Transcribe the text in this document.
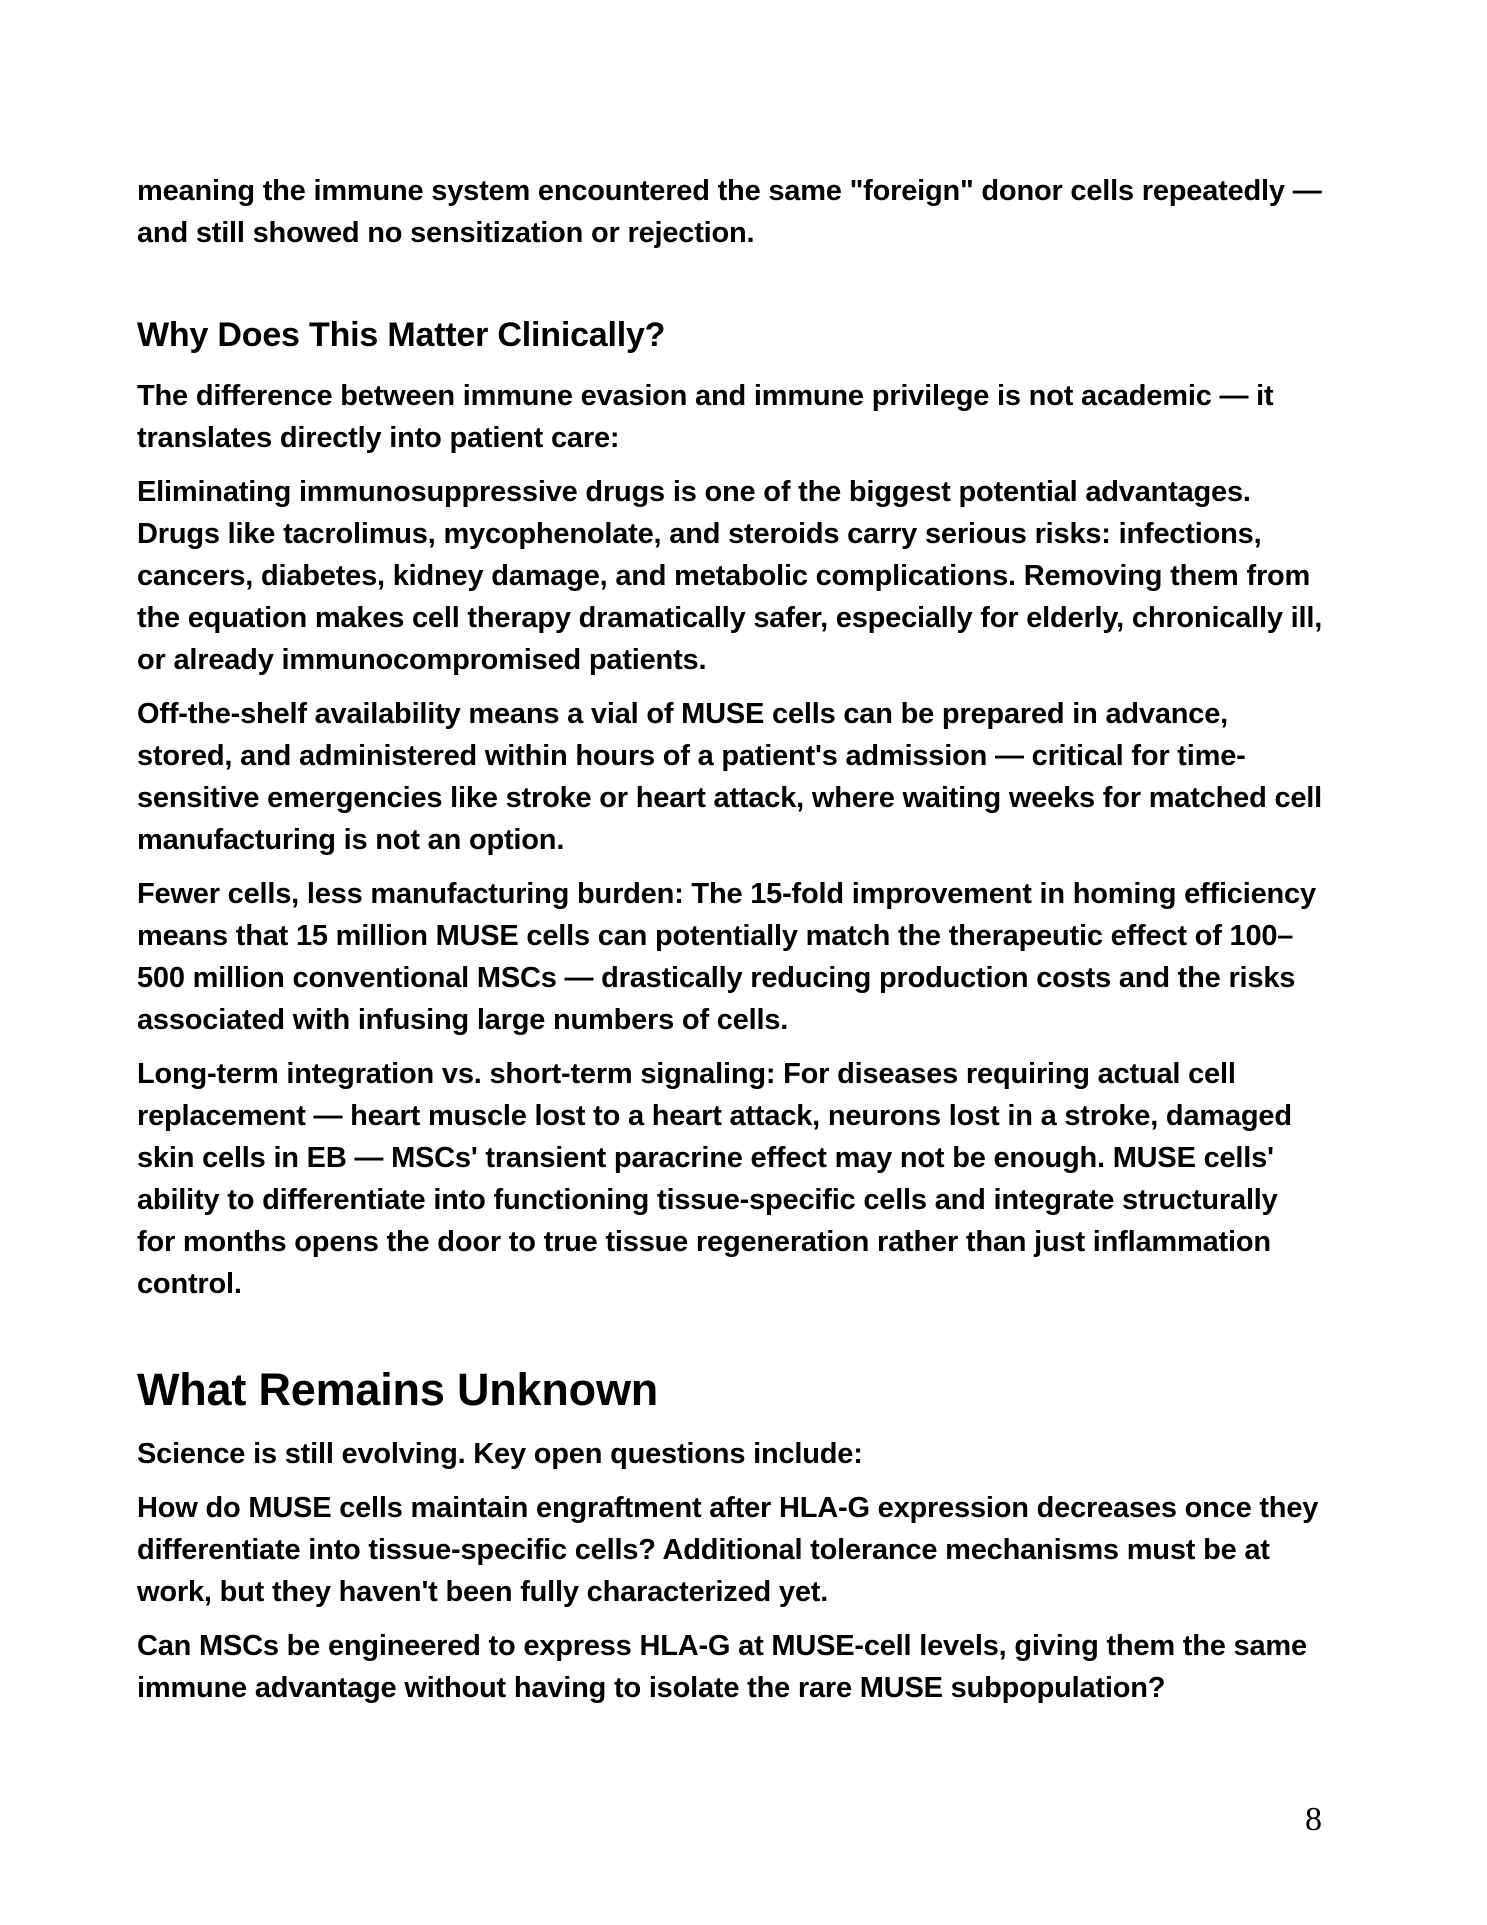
meaning the immune system encountered the same "foreign" donor cells repeatedly — and still showed no sensitization or rejection.

Why Does This Matter Clinically?

The difference between immune evasion and immune privilege is not academic — it translates directly into patient care:

Eliminating immunosuppressive drugs is one of the biggest potential advantages. Drugs like tacrolimus, mycophenolate, and steroids carry serious risks: infections, cancers, diabetes, kidney damage, and metabolic complications. Removing them from the equation makes cell therapy dramatically safer, especially for elderly, chronically ill, or already immunocompromised patients.

Off-the-shelf availability means a vial of MUSE cells can be prepared in advance, stored, and administered within hours of a patient's admission — critical for time-sensitive emergencies like stroke or heart attack, where waiting weeks for matched cell manufacturing is not an option.

Fewer cells, less manufacturing burden: The 15-fold improvement in homing efficiency means that 15 million MUSE cells can potentially match the therapeutic effect of 100–500 million conventional MSCs — drastically reducing production costs and the risks associated with infusing large numbers of cells.

Long-term integration vs. short-term signaling: For diseases requiring actual cell replacement — heart muscle lost to a heart attack, neurons lost in a stroke, damaged skin cells in EB — MSCs' transient paracrine effect may not be enough. MUSE cells' ability to differentiate into functioning tissue-specific cells and integrate structurally for months opens the door to true tissue regeneration rather than just inflammation control.

What Remains Unknown

Science is still evolving. Key open questions include:

How do MUSE cells maintain engraftment after HLA-G expression decreases once they differentiate into tissue-specific cells? Additional tolerance mechanisms must be at work, but they haven't been fully characterized yet.

Can MSCs be engineered to express HLA-G at MUSE-cell levels, giving them the same immune advantage without having to isolate the rare MUSE subpopulation?

8
